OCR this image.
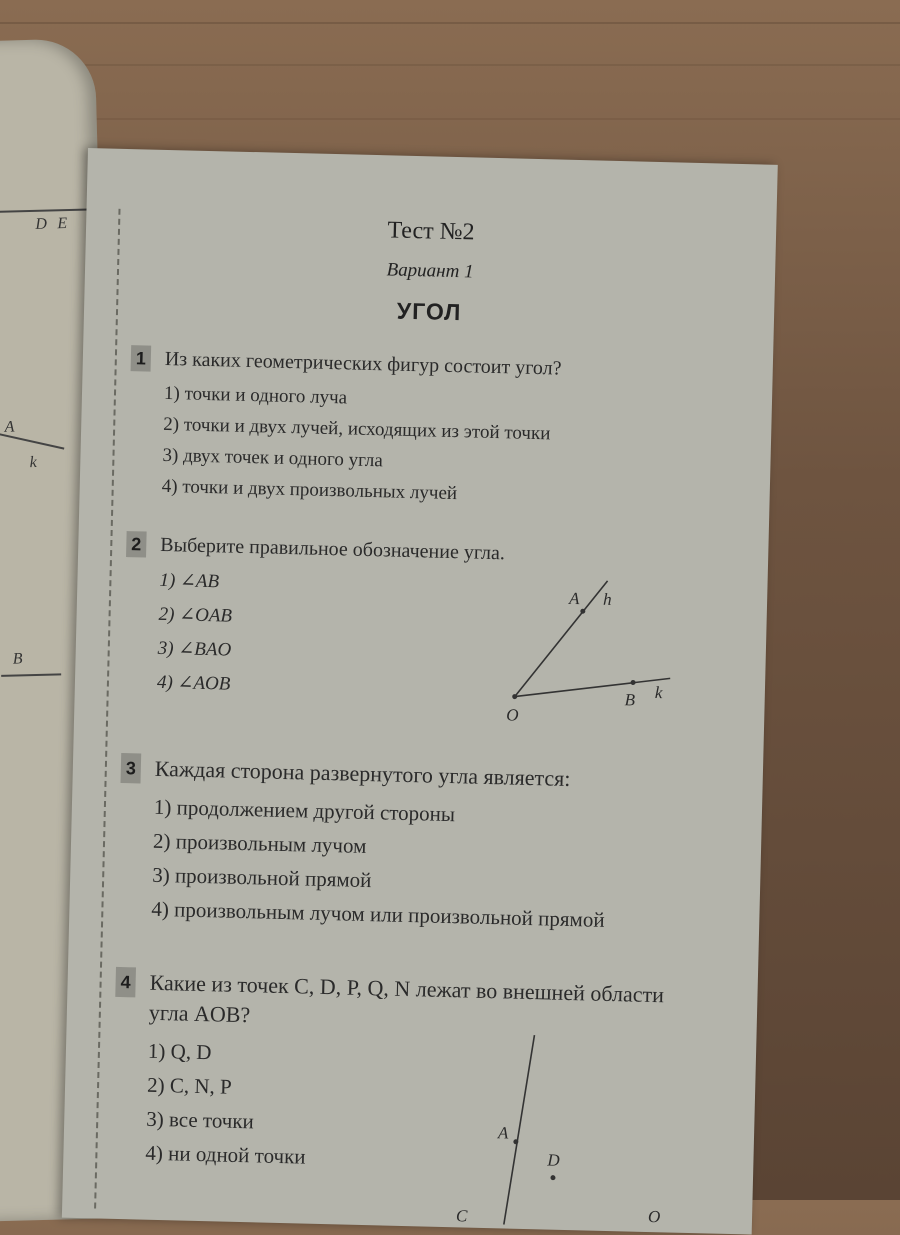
D E
A
k
B
Тест №2
Вариант 1
УГОЛ
1 Из каких геометрических фигур состоит угол?
1) точки и одного луча
2) точки и двух лучей, исходящих из этой точки
3) двух точек и одного угла
4) точки и двух произвольных лучей
2 Выберите правильное обозначение угла.
1) ∠AB
2) ∠OAB
3) ∠BAO
4) ∠AOB
O
A h
B k
3 Каждая сторона развернутого угла является:
1) продолжением другой стороны
2) произвольным лучом
3) произвольной прямой
4) произвольным лучом или произвольной прямой
4 Какие из точек C, D, P, Q, N лежат во внешней области
угла AOB?
1) Q, D
2) C, N, P
3) все точки
4) ни одной точки
A
D
C	O
